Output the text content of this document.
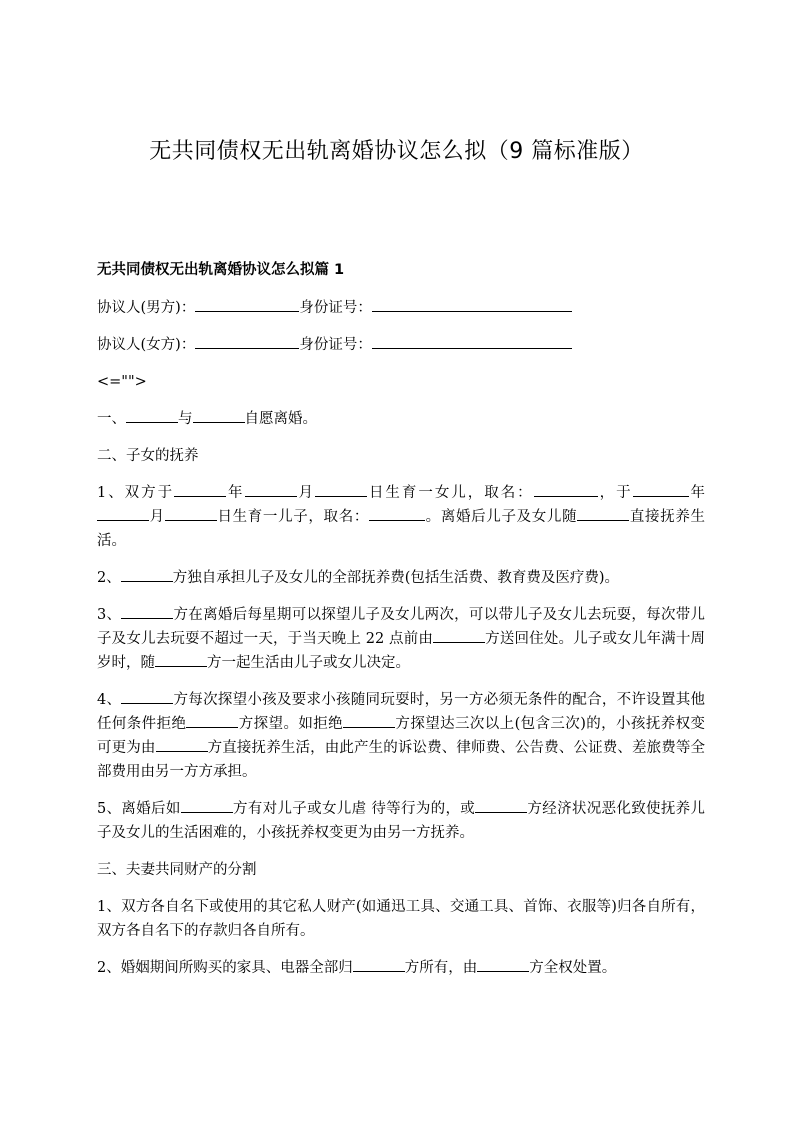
无共同债权无出轨离婚协议怎么拟（9 篇标准版）
无共同债权无出轨离婚协议怎么拟篇 1
协议人(男方)：	身份证号：
协议人(女方)：	身份证号：
<="">
一、	与	自愿离婚。
二、子女的抚养
1、双方于	年	月	日生育一女儿，取名：	，于	年月	日生育一儿子，取名：	。离婚后儿子及女儿随	直接抚养生活。
2、	方独自承担儿子及女儿的全部抚养费(包括生活费、教育费及医疗费)。
3、	方在离婚后每星期可以探望儿子及女儿两次，可以带儿子及女儿去玩耍，每次带儿子及女儿去玩耍不超过一天，于当天晚上 22 点前由	方送回住处。儿子或女儿年满十周岁时，随	方一起生活由儿子或女儿决定。
4、	方每次探望小孩及要求小孩随同玩耍时，另一方必须无条件的配合，不许设置其他任何条件拒绝	方探望。如拒绝	方探望达三次以上(包含三次)的，小孩抚养权变可更为由	方直接抚养生活，由此产生的诉讼费、律师费、公告费、公证费、差旅费等全部费用由另一方方承担。
5、离婚后如	方有对儿子或女儿虐 待等行为的，或	方经济状况恶化致使抚养儿子及女儿的生活困难的，小孩抚养权变更为由另一方抚养。
三、夫妻共同财产的分割
1、双方各自名下或使用的其它私人财产(如通迅工具、交通工具、首饰、衣服等)归各自所有，双方各自名下的存款归各自所有。
2、婚姻期间所购买的家具、电器全部归	方所有，由	方全权处置。
